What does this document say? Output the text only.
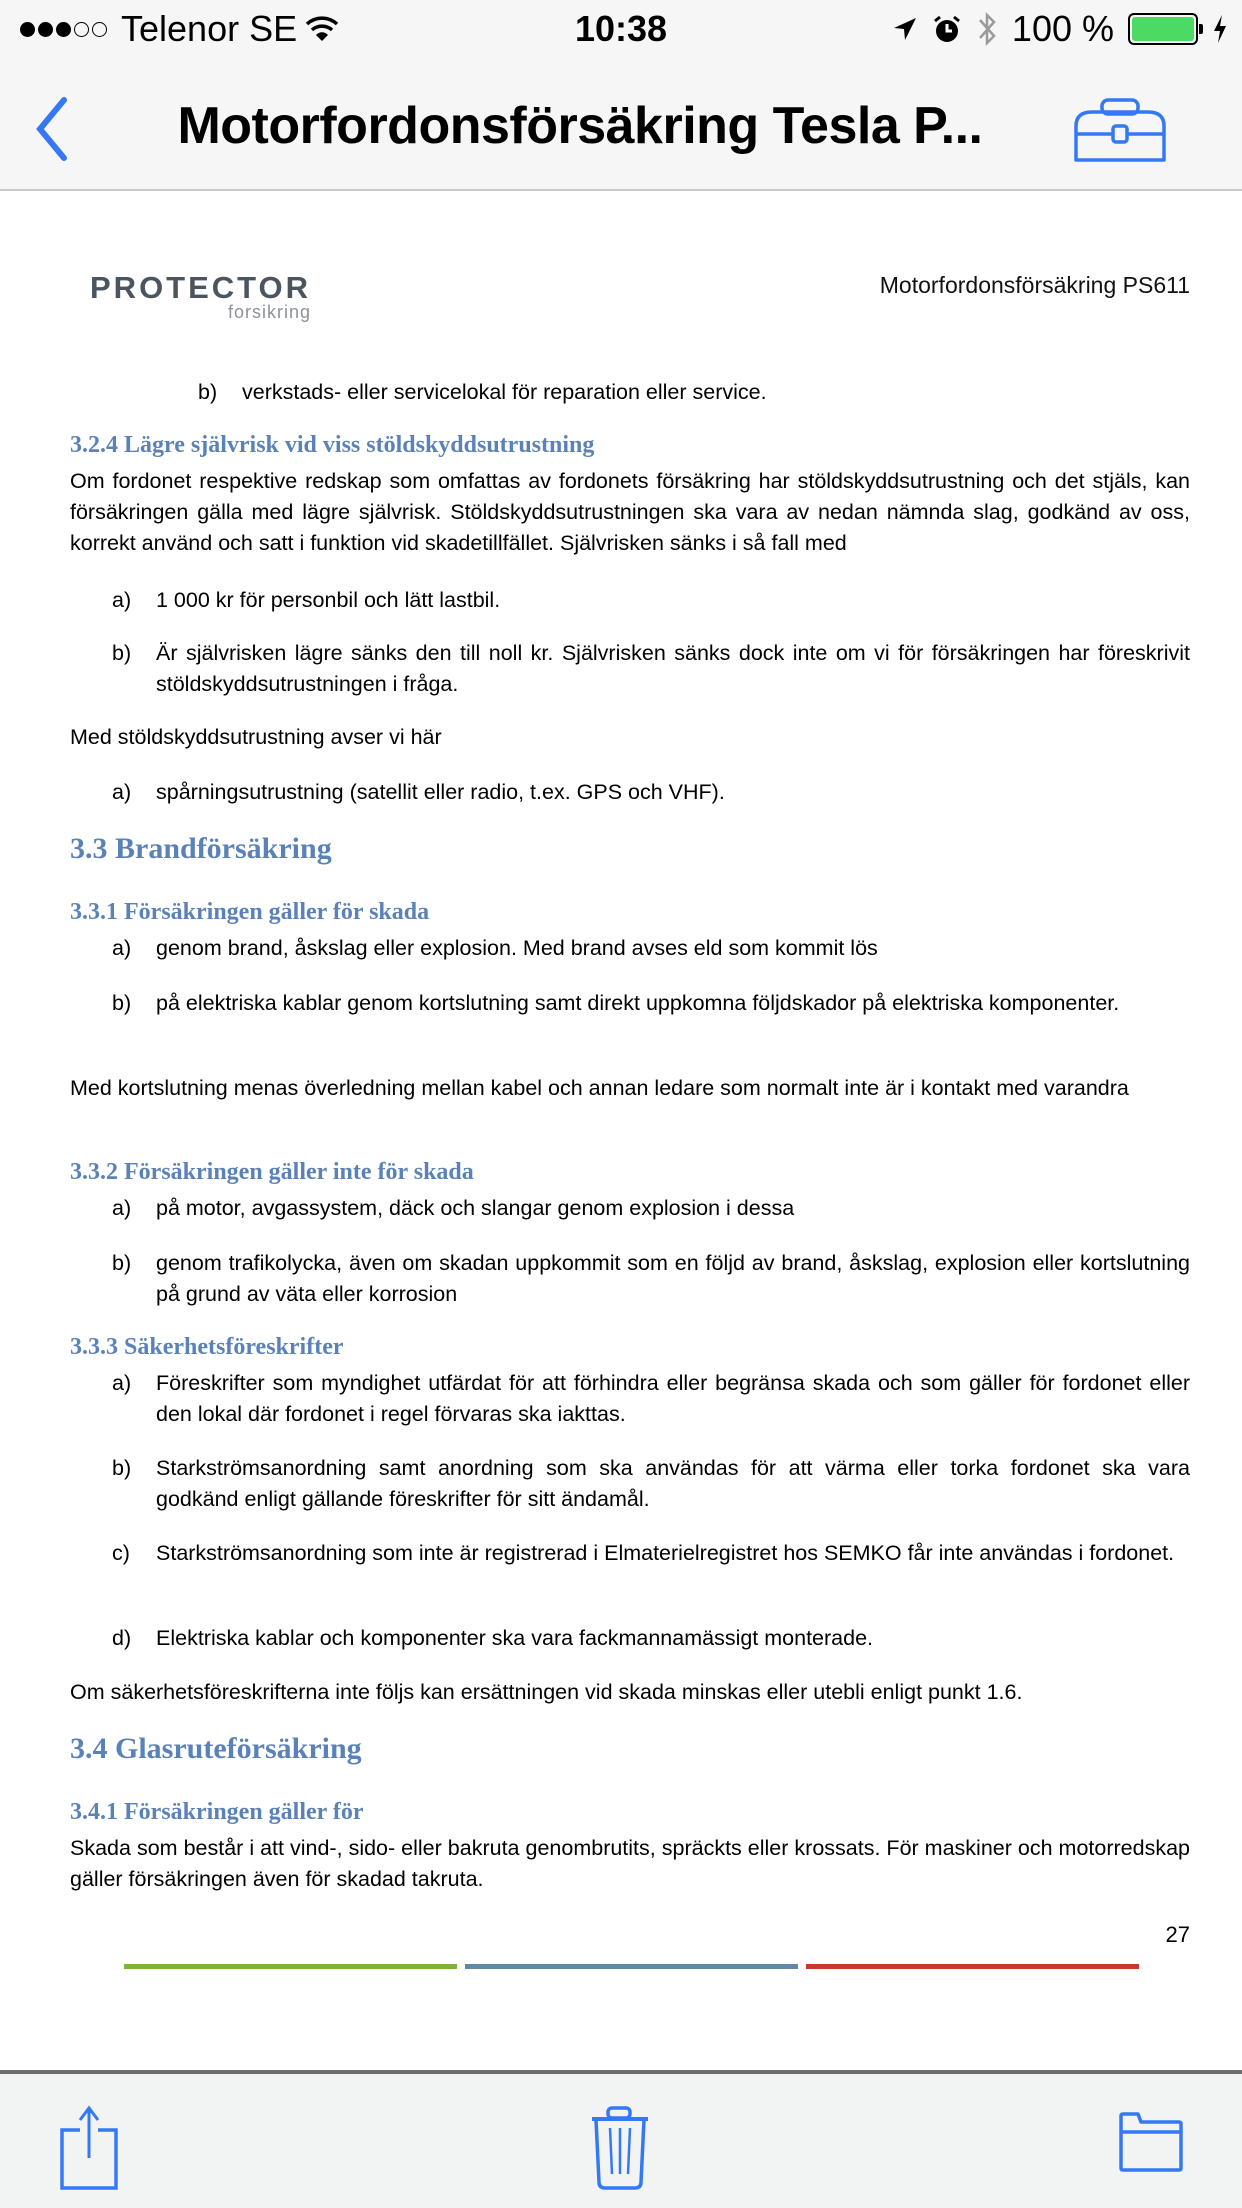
Telenor SE	10:38	100 %
Motorfordonsförsäkring Tesla P...
PROTECTOR
forsikring
Motorfordonsförsäkring PS611
b) verkstads- eller servicelokal för reparation eller service.
3.2.4 Lägre självrisk vid viss stöldskyddsutrustning
Om fordonet respektive redskap som omfattas av fordonets försäkring har stöldskyddsutrustning och det stjäls, kan försäkringen gälla med lägre självrisk. Stöldskyddsutrustningen ska vara av nedan nämnda slag, godkänd av oss, korrekt använd och satt i funktion vid skadetillfället. Självrisken sänks i så fall med
a) 1 000 kr för personbil och lätt lastbil.
b) Är självrisken lägre sänks den till noll kr. Självrisken sänks dock inte om vi för försäkringen har föreskrivit stöldskyddsutrustningen i fråga.
Med stöldskyddsutrustning avser vi här
a) spårningsutrustning (satellit eller radio, t.ex. GPS och VHF).
3.3 Brandförsäkring
3.3.1 Försäkringen gäller för skada
a) genom brand, åskslag eller explosion. Med brand avses eld som kommit lös
b) på elektriska kablar genom kortslutning samt direkt uppkomna följdskador på elektriska komponenter.
Med kortslutning menas överledning mellan kabel och annan ledare som normalt inte är i kontakt med varandra
3.3.2 Försäkringen gäller inte för skada
a) på motor, avgassystem, däck och slangar genom explosion i dessa
b) genom trafikolycka, även om skadan uppkommit som en följd av brand, åskslag, explosion eller kortslutning på grund av väta eller korrosion
3.3.3 Säkerhetsföreskrifter
a) Föreskrifter som myndighet utfärdat för att förhindra eller begränsa skada och som gäller för fordonet eller den lokal där fordonet i regel förvaras ska iakttas.
b) Starkströmsanordning samt anordning som ska användas för att värma eller torka fordonet ska vara godkänd enligt gällande föreskrifter för sitt ändamål.
c) Starkströmsanordning som inte är registrerad i Elmaterielregistret hos SEMKO får inte användas i fordonet.
d) Elektriska kablar och komponenter ska vara fackmannamässigt monterade.
Om säkerhetsföreskrifterna inte följs kan ersättningen vid skada minskas eller utebli enligt punkt 1.6.
3.4 Glasruteförsäkring
3.4.1 Försäkringen gäller för
Skada som består i att vind-, sido- eller bakruta genombrutits, spräckts eller krossats. För maskiner och motorredskap gäller försäkringen även för skadad takruta.
27
